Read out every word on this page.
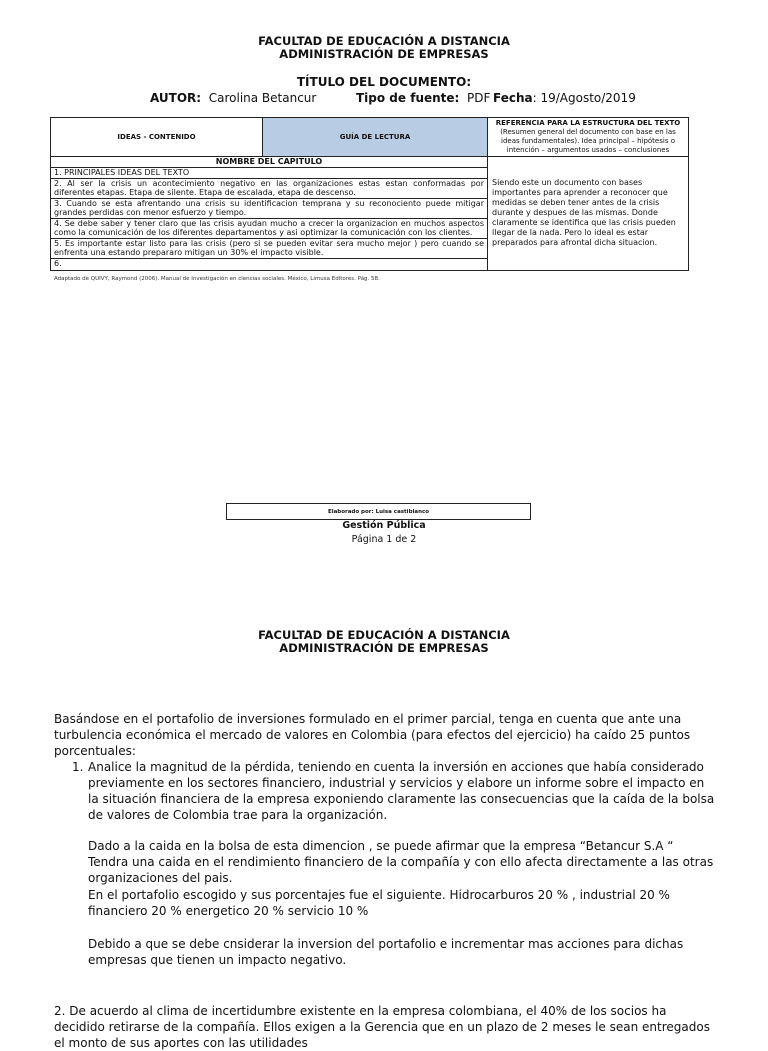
FACULTAD DE EDUCACIÓN A DISTANCIA
ADMINISTRACIÓN DE EMPRESAS
TÍTULO DEL DOCUMENTO:
AUTOR: Carolina Betancur	Tipo de fuente: PDF Fecha: 19/Agosto/2019
IDEAS - CONTENIDO	GUÍA DE LECTURA	REFERENCIA PARA LA ESTRUCTURA DEL TEXTO
(Resumen general del documento con base en las ideas fundamentales). Idea principal – hipótesis o intención – argumentos usados – conclusiones
NOMBRE DEL CAPITULO		Siendo este un documento con bases importantes para aprender a reconocer que medidas se deben tener antes de la crisis durante y despues de las mismas. Donde claramente se identifica que las crisis pueden llegar de la nada. Pero lo ideal es estar preparados para afrontal dicha situacion.
1. PRINCIPALES IDEAS DEL TEXTO		
2. Al ser la crisis un acontecimiento negativo en las organizaciones estas estan conformadas por diferentes etapas. Etapa de silente. Etapa de escalada, etapa de descenso.		
3. Cuando se esta afrentando una crisis su identificacion temprana y su reconociento puede mitigar grandes perdidas con menor esfuerzo y tiempo.		
4. Se debe saber y tener claro que las crisis ayudan mucho a crecer la organizacion en muchos aspectos como la comunicación de los diferentes departamentos y asi optimizar la comunicación con los clientes.		
5. Es importante estar listo para las crisis (pero si se pueden evitar sera mucho mejor ) pero cuando se enfrenta una estando prepararo mitigan un 30% el impacto visible.		
6.		
Adaptado de QUIVY, Raymond (2006). Manual de Investigación en ciencias sociales. México, Limusa Editores. Pág. 58.
Elaborado por: Luisa castiblanco
Gestión Pública
Página 1 de 2
FACULTAD DE EDUCACIÓN A DISTANCIA
ADMINISTRACIÓN DE EMPRESAS
Basándose en el portafolio de inversiones formulado en el primer parcial, tenga en cuenta que ante una turbulencia económica el mercado de valores en Colombia (para efectos del ejercicio) ha caído 25 puntos porcentuales:
1. Analice la magnitud de la pérdida, teniendo en cuenta la inversión en acciones que había considerado previamente en los sectores financiero, industrial y servicios y elabore un informe sobre el impacto en la situación financiera de la empresa exponiendo claramente las consecuencias que la caída de la bolsa de valores de Colombia trae para la organización.
Dado a la caida en la bolsa de esta dimencion , se puede afirmar que la empresa “Betancur S.A “ Tendra una caida en el rendimiento financiero de la compañía y con ello afecta directamente a las otras organizaciones del pais.
En el portafolio escogido y sus porcentajes fue el siguiente. Hidrocarburos 20 % , industrial 20 % financiero 20 % energetico 20 % servicio 10 %
Debido a que se debe cnsiderar la inversion del portafolio e incrementar mas acciones para dichas empresas que tienen un impacto negativo.
2. De acuerdo al clima de incertidumbre existente en la empresa colombiana, el 40% de los socios ha decidido retirarse de la compañía. Ellos exigen a la Gerencia que en un plazo de 2 meses le sean entregados el monto de sus aportes con las utilidades
